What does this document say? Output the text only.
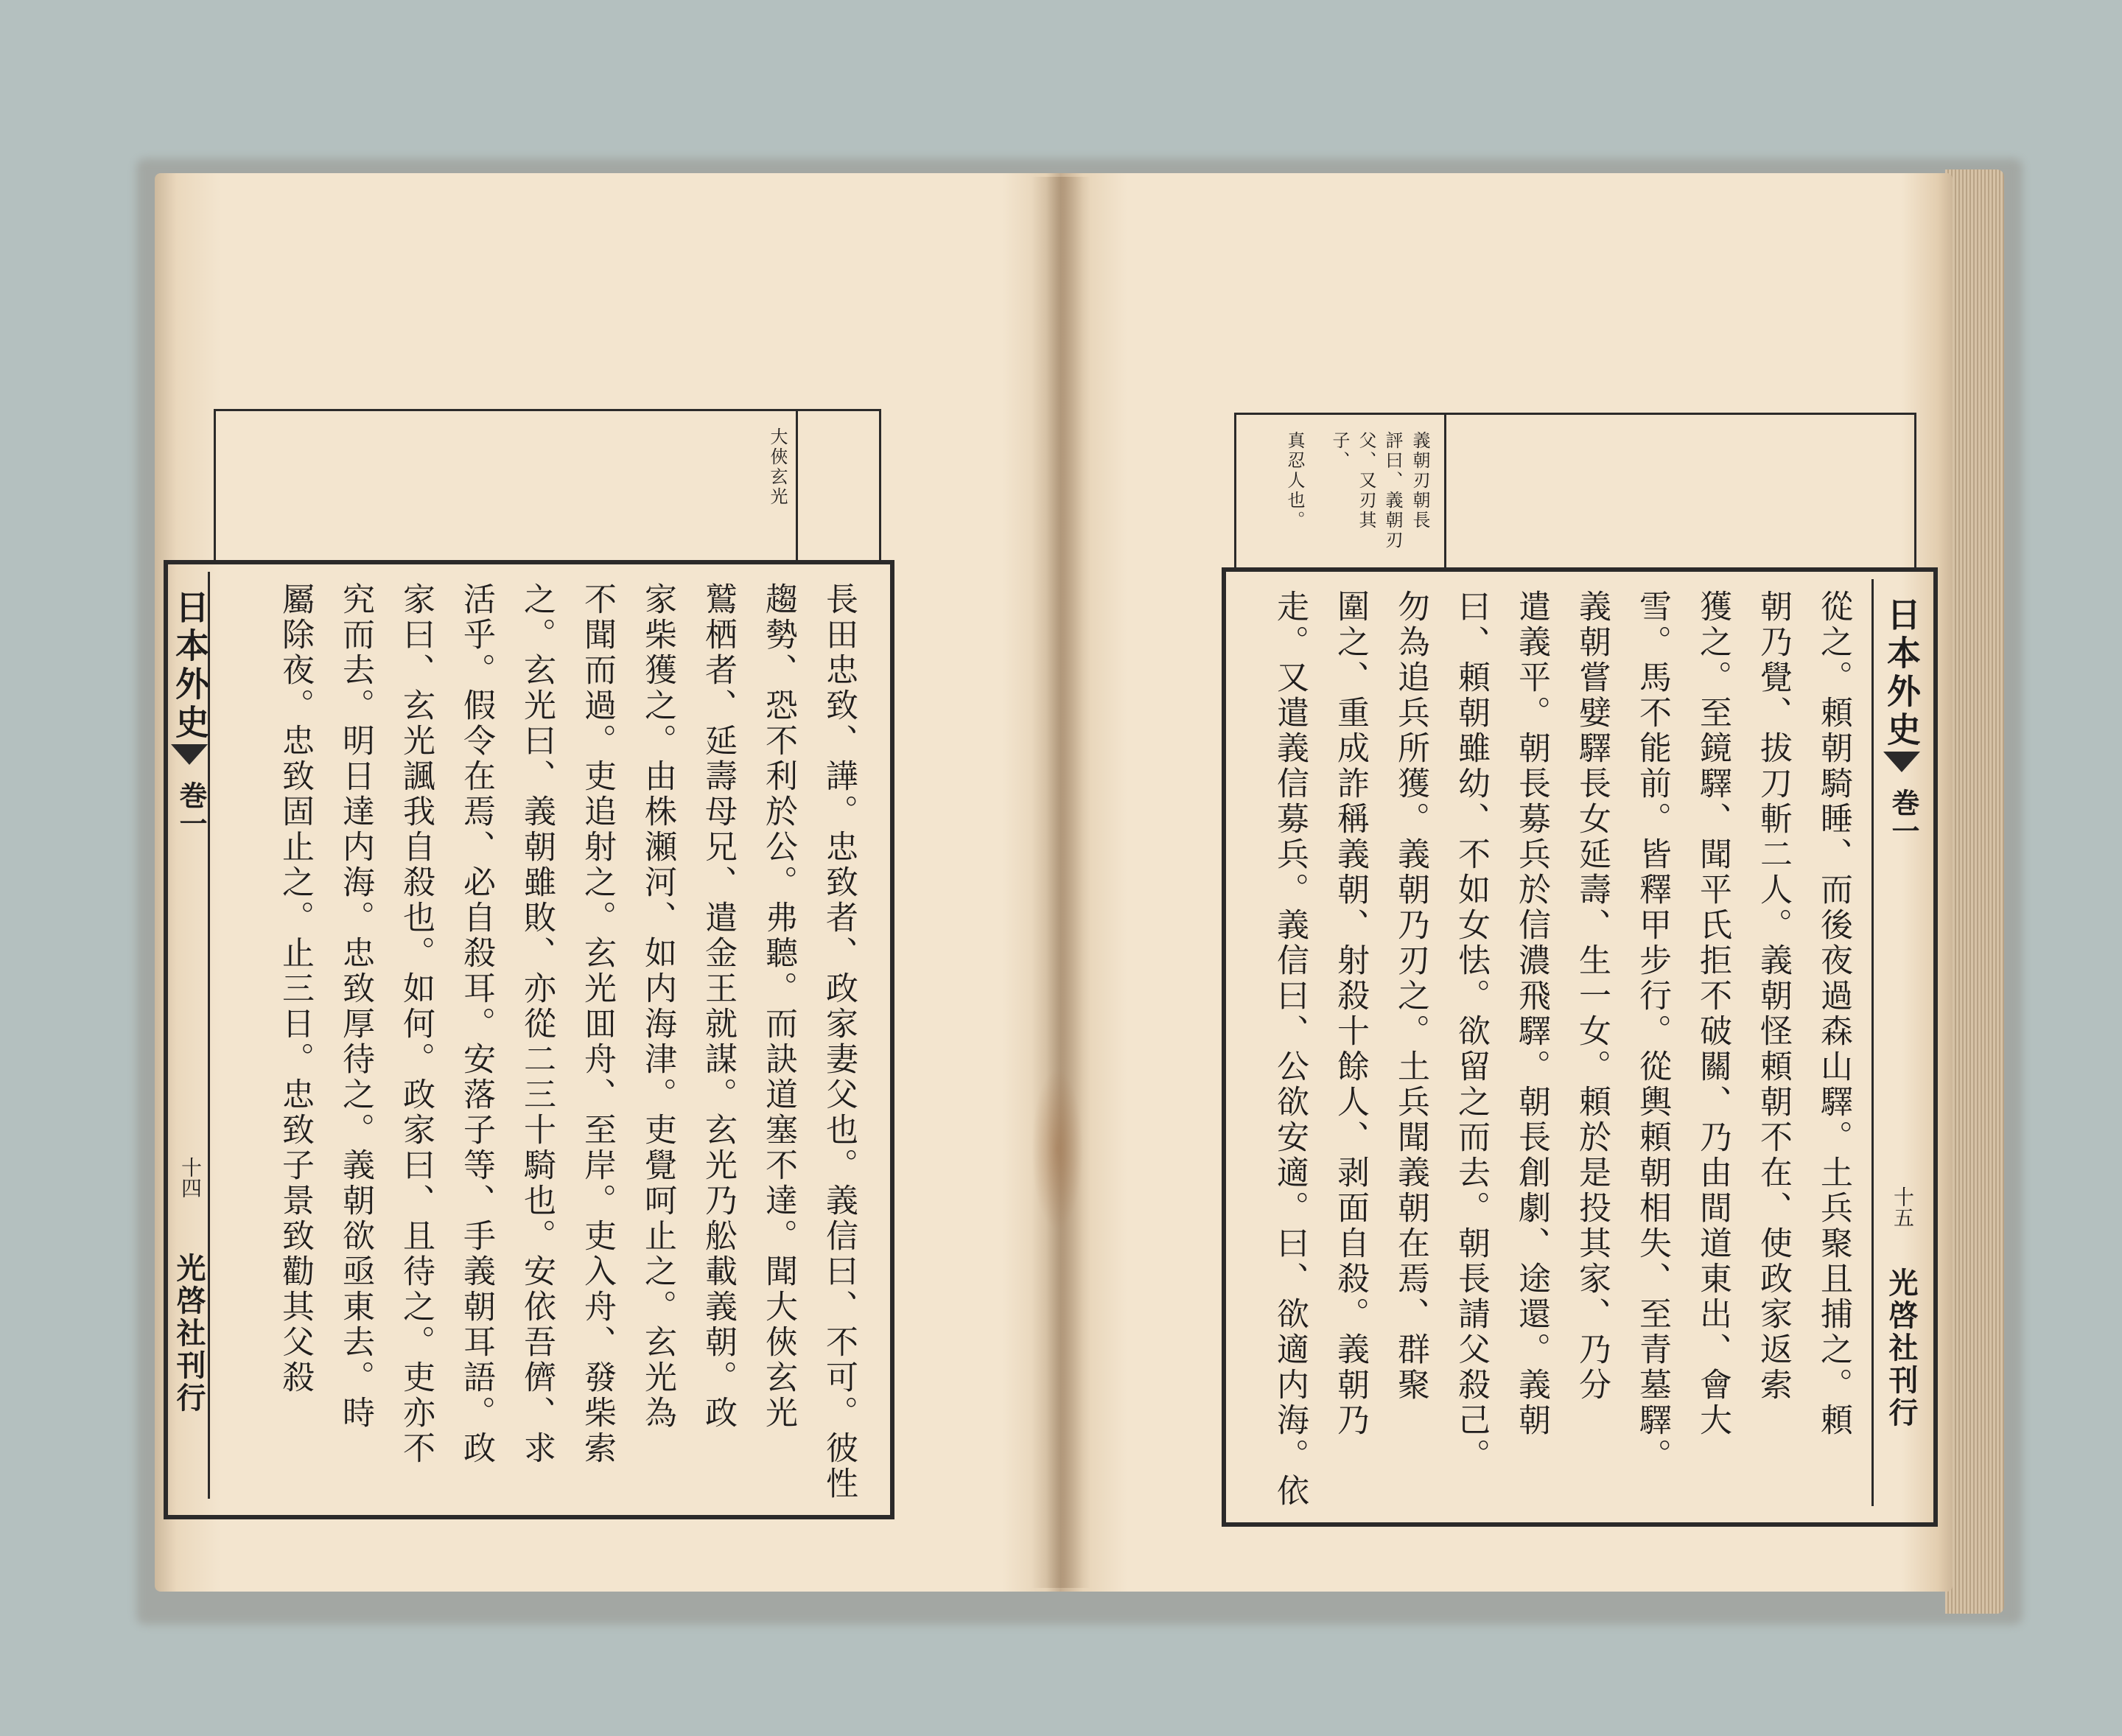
大俠玄光
日本外史
巻一
十四
光啓社刊行	長田忠致、譁。忠致者、政家妻父也。義信曰、不可。彼性
趨勢、恐不利於公。弗聽。而訣道塞不達。聞大俠玄光
鷲栖者、延壽母兄、遣金王就謀。玄光乃舩載義朝。政
家柴獲之。由株瀬河、如内海津。吏覺呵止之。玄光為
不聞而過。吏追射之。玄光囬舟、至岸。吏入舟、發柴索
之。玄光曰、義朝雖敗、亦從二三十騎也。安依吾儕、求
活乎。假令在焉、必自殺耳。安落子等、手義朝耳語。政
家曰、玄光諷我自殺也。如何。政家曰、且待之。吏亦不
究而去。明日達内海。忠致厚待之。義朝欲亟東去。時
屬除夜。忠致固止之。止三日。忠致子景致勸其父殺
義朝刃朝長
評曰、義朝刃父、又刃其子、
真忍人也。
日本外史
巻一
十五
光啓社刊行
從之。頼朝騎睡、而後夜過森山驛。土兵聚且捕之。頼
朝乃覺、拔刀斬二人。義朝怪頼朝不在、使政家返索
獲之。至鏡驛、聞平氏拒不破關、乃由間道東出、會大
雪。馬不能前。皆釋甲步行。從輿頼朝相失、至青墓驛。
義朝嘗嬖驛長女延壽、生一女。頼於是投其家、乃分
遣義平。朝長募兵於信濃飛驛。朝長創劇、途還。義朝
曰、頼朝雖幼、不如女怯。欲留之而去。朝長請父殺己。
勿為追兵所獲。義朝乃刃之。土兵聞義朝在焉、群聚
圍之、重成詐稱義朝、射殺十餘人、剥面自殺。義朝乃
走。又遣義信募兵。義信曰、公欲安適。曰、欲適内海。依
